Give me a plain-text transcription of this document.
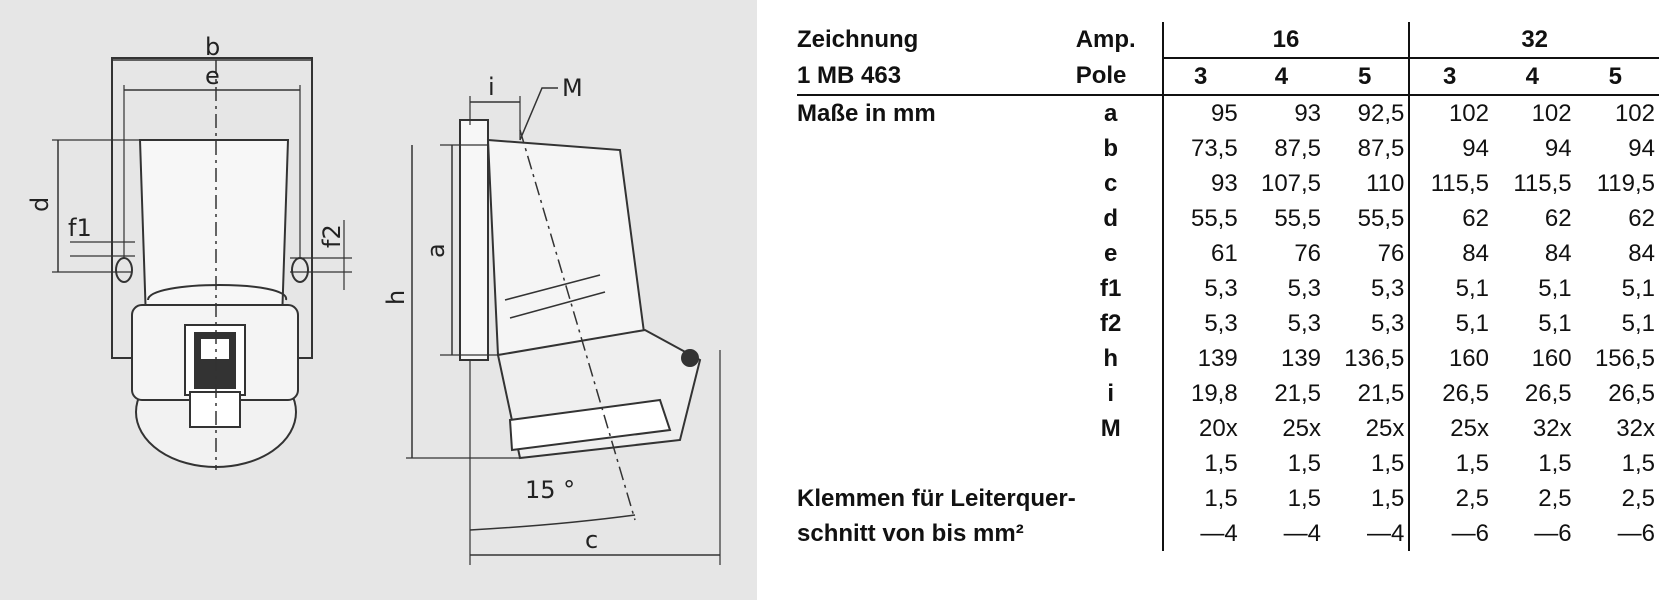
b
e
d
f1	f2
i	M
a
h
15 °
c
Zeichnung	Amp.	16			32		
1 MB 463	Pole	3	4	5	3	4	5
Maße in mm	a	95	93	92,5	102	102	102
	b	73,5	87,5	87,5	94	94	94
	c	93	107,5	110	115,5	115,5	119,5
	d	55,5	55,5	55,5	62	62	62
	e	61	76	76	84	84	84
	f1	5,3	5,3	5,3	5,1	5,1	5,1
	f2	5,3	5,3	5,3	5,1	5,1	5,1
	h	139	139	136,5	160	160	156,5
	i	19,8	21,5	21,5	26,5	26,5	26,5
	M	20x	25x	25x	25x	32x	32x
		1,5	1,5	1,5	1,5	1,5	1,5
Klemmen für Leiterquer-		1,5	1,5	1,5	2,5	2,5	2,5
schnitt von bis mm²		—4	—4	—4	—6	—6	—6
